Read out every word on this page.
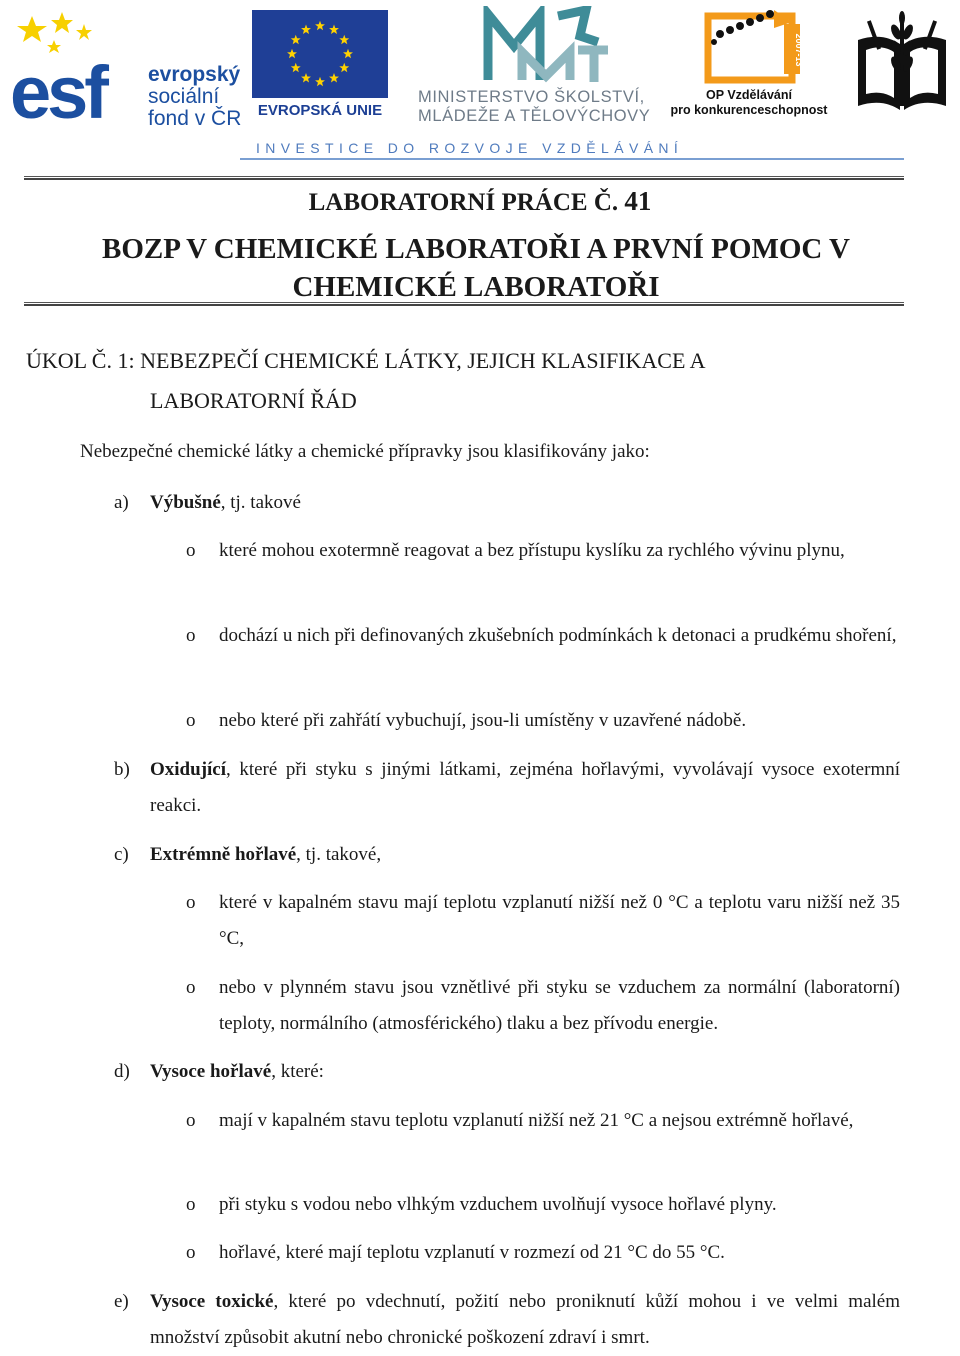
esf evropský
sociální
fond v ČR	EVROPSKÁ UNIE
MINISTERSTVO ŠKOLSTVÍ,
MLÁDEŽE A TĚLOVÝCHOVY
2007-13
OP Vzdělávání
pro konkurenceschopnost
INVESTICE DO ROZVOJE VZDĚLÁVÁNÍ
LABORATORNÍ PRÁCE Č. 41
BOZP V CHEMICKÉ LABORATOŘI A PRVNÍ POMOC V CHEMICKÉ LABORATOŘI
ÚKOL Č. 1: NEBEZPEČÍ CHEMICKÉ LÁTKY, JEJICH KLASIFIKACE A
LABORATORNÍ ŘÁD
Nebezpečné chemické látky a chemické přípravky jsou klasifikovány jako:
a) Výbušné, tj. takové
o které mohou exotermně reagovat a bez přístupu kyslíku za rychlého vývinu plynu,
o dochází u nich při definovaných zkušebních podmínkách k detonaci a prudkému shoření,
o nebo které při zahřátí vybuchují, jsou-li umístěny v uzavřené nádobě.
b) Oxidující, které při styku s jinými látkami, zejména hořlavými, vyvolávají vysoce exotermní reakci.
c) Extrémně hořlavé, tj. takové,
o které v kapalném stavu mají teplotu vzplanutí nižší než 0 °C a teplotu varu nižší než 35 °C,
o nebo v plynném stavu jsou vznětlivé při styku se vzduchem za normální (laboratorní) teploty, normálního (atmosférického) tlaku a bez přívodu energie.
d) Vysoce hořlavé, které:
o mají v kapalném stavu teplotu vzplanutí nižší než 21 °C a nejsou extrémně hořlavé,
o při styku s vodou nebo vlhkým vzduchem uvolňují vysoce hořlavé plyny.
o hořlavé, které mají teplotu vzplanutí v rozmezí od 21 °C do 55 °C.
e) Vysoce toxické, které po vdechnutí, požití nebo proniknutí kůží mohou i ve velmi malém množství způsobit akutní nebo chronické poškození zdraví i smrt.
